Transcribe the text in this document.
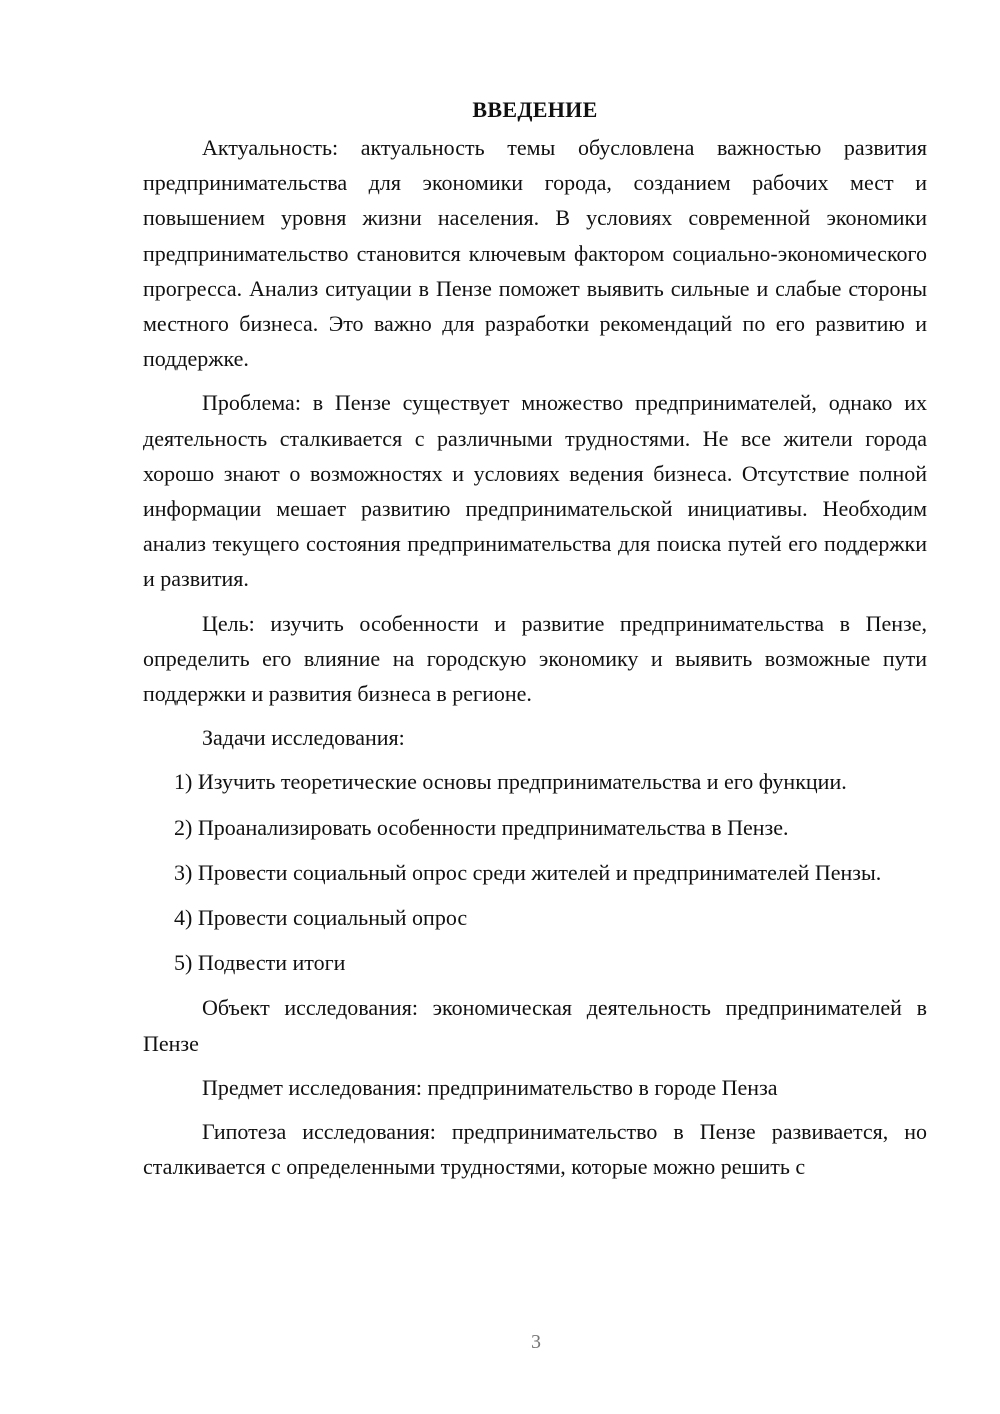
ВВЕДЕНИЕ

Актуальность: актуальность темы обусловлена важностью развития предпринимательства для экономики города, созданием рабочих мест и повышением уровня жизни населения. В условиях современной экономики предпринимательство становится ключевым фактором социально-экономического прогресса. Анализ ситуации в Пензе поможет выявить сильные и слабые стороны местного бизнеса. Это важно для разработки рекомендаций по его развитию и поддержке.

Проблема: в Пензе существует множество предпринимателей, однако их деятельность сталкивается с различными трудностями. Не все жители города хорошо знают о возможностях и условиях ведения бизнеса. Отсутствие полной информации мешает развитию предпринимательской инициативы. Необходим анализ текущего состояния предпринимательства для поиска путей его поддержки и развития.

Цель: изучить особенности и развитие предпринимательства в Пензе, определить его влияние на городскую экономику и выявить возможные пути поддержки и развития бизнеса в регионе.

Задачи исследования:

1) Изучить теоретические основы предпринимательства и его функции.

2) Проанализировать особенности предпринимательства в Пензе.

3) Провести социальный опрос среди жителей и предпринимателей Пензы.

4) Провести социальный опрос

5) Подвести итоги

Объект исследования: экономическая деятельность предпринимателей в Пензе

Предмет исследования: предпринимательство в городе Пенза

Гипотеза исследования: предпринимательство в Пензе развивается, но сталкивается с определенными трудностями, которые можно решить с

3
